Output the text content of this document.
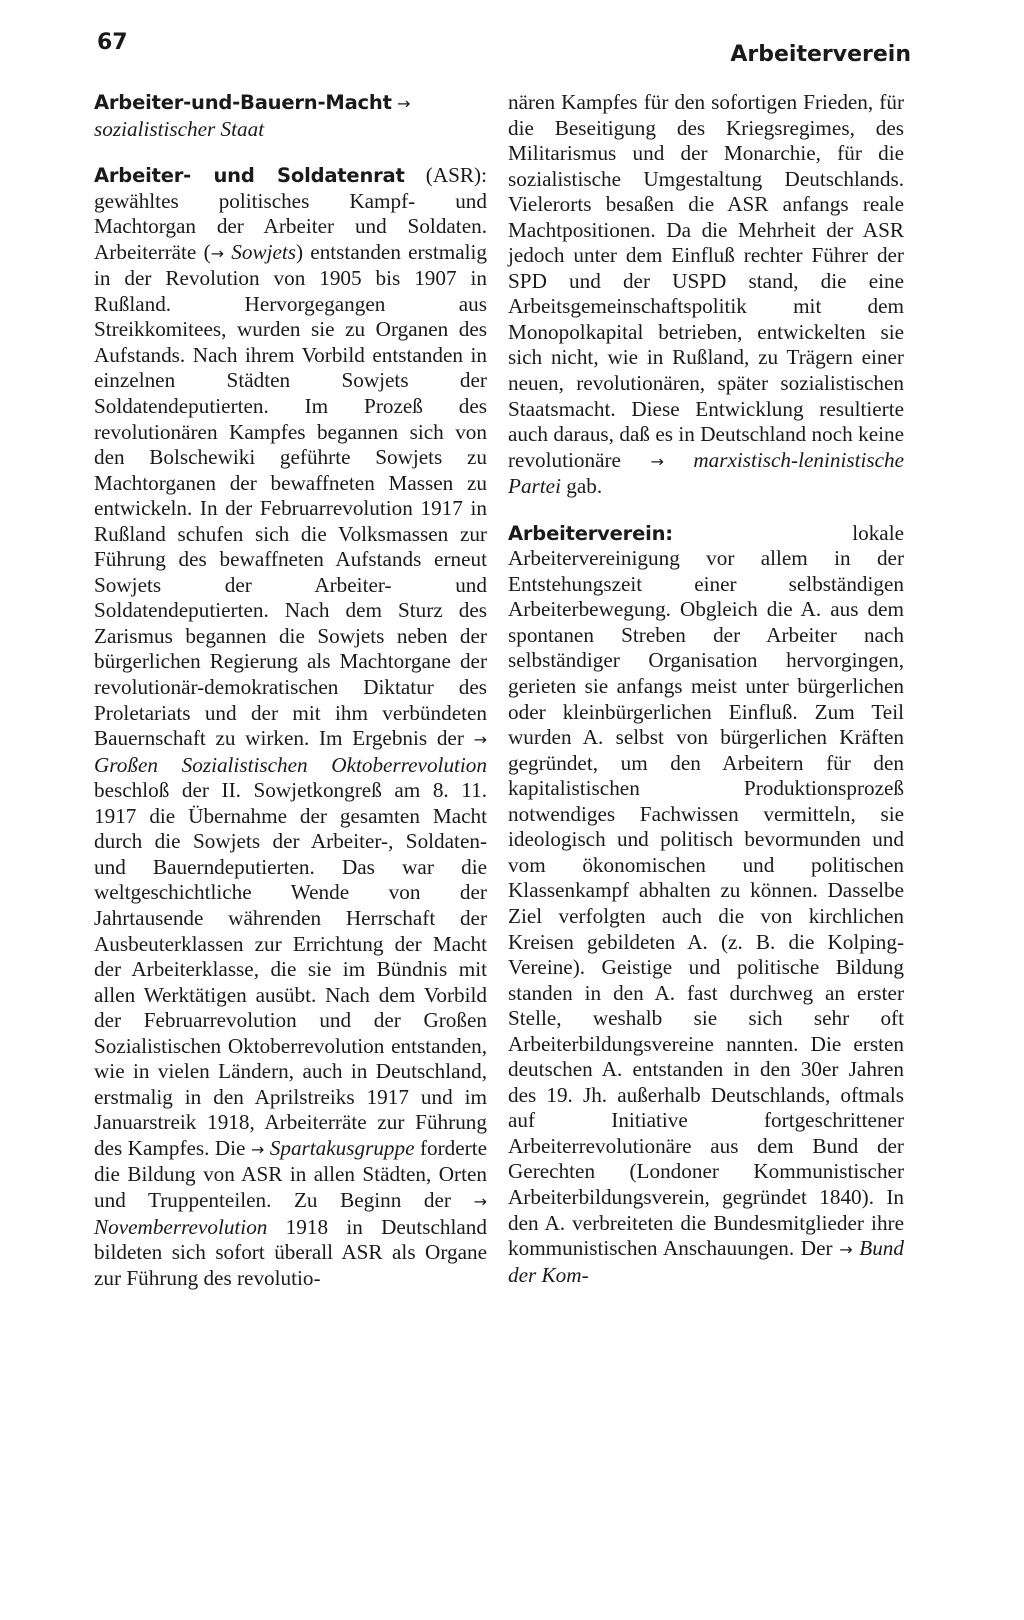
67	Arbeiterverein

Arbeiter-und-Bauern-Macht → sozialistischer Staat

Arbeiter- und Soldatenrat (ASR): gewähltes politisches Kampf- und Machtorgan der Arbeiter und Soldaten. Arbeiterräte (→ Sowjets) entstanden erstmalig in der Revolution von 1905 bis 1907 in Rußland. Hervorgegangen aus Streikkomitees, wurden sie zu Organen des Aufstands. Nach ihrem Vorbild entstanden in einzelnen Städten Sowjets der Soldatendeputierten. Im Prozeß des revolutionären Kampfes begannen sich von den Bolschewiki geführte Sowjets zu Machtorganen der bewaffneten Massen zu entwickeln. In der Februarrevolution 1917 in Rußland schufen sich die Volksmassen zur Führung des bewaffneten Aufstands erneut Sowjets der Arbeiter- und Soldatendeputierten. Nach dem Sturz des Zarismus begannen die Sowjets neben der bürgerlichen Regierung als Machtorgane der revolutionär-demokratischen Diktatur des Proletariats und der mit ihm verbündeten Bauernschaft zu wirken. Im Ergebnis der → Großen Sozialistischen Oktoberrevolution beschloß der II. Sowjetkongreß am 8. 11. 1917 die Übernahme der gesamten Macht durch die Sowjets der Arbeiter-, Soldaten- und Bauerndeputierten. Das war die weltgeschichtliche Wende von der Jahrtausende währenden Herrschaft der Ausbeuterklassen zur Errichtung der Macht der Arbeiterklasse, die sie im Bündnis mit allen Werktätigen ausübt. Nach dem Vorbild der Februarrevolution und der Großen Sozialistischen Oktoberrevolution entstanden, wie in vielen Ländern, auch in Deutschland, erstmalig in den Aprilstreiks 1917 und im Januarstreik 1918, Arbeiterräte zur Führung des Kampfes. Die → Spartakusgruppe forderte die Bildung von ASR in allen Städten, Orten und Truppenteilen. Zu Beginn der → Novemberrevolution 1918 in Deutschland bildeten sich sofort überall ASR als Organe zur Führung des revolutio-

nären Kampfes für den sofortigen Frieden, für die Beseitigung des Kriegsregimes, des Militarismus und der Monarchie, für die sozialistische Umgestaltung Deutschlands. Vielerorts besaßen die ASR anfangs reale Machtpositionen. Da die Mehrheit der ASR jedoch unter dem Einfluß rechter Führer der SPD und der USPD stand, die eine Arbeitsgemeinschaftspolitik mit dem Monopolkapital betrieben, entwickelten sie sich nicht, wie in Rußland, zu Trägern einer neuen, revolutionären, später sozialistischen Staatsmacht. Diese Entwicklung resultierte auch daraus, daß es in Deutschland noch keine revolutionäre → marxistisch-leninistische Partei gab.

Arbeiterverein: lokale Arbeitervereinigung vor allem in der Entstehungszeit einer selbständigen Arbeiterbewegung. Obgleich die A. aus dem spontanen Streben der Arbeiter nach selbständiger Organisation hervorgingen, gerieten sie anfangs meist unter bürgerlichen oder kleinbürgerlichen Einfluß. Zum Teil wurden A. selbst von bürgerlichen Kräften gegründet, um den Arbeitern für den kapitalistischen Produktionsprozeß notwendiges Fachwissen vermitteln, sie ideologisch und politisch bevormunden und vom ökonomischen und politischen Klassenkampf abhalten zu können. Dasselbe Ziel verfolgten auch die von kirchlichen Kreisen gebildeten A. (z. B. die Kolping-Vereine). Geistige und politische Bildung standen in den A. fast durchweg an erster Stelle, weshalb sie sich sehr oft Arbeiterbildungsvereine nannten. Die ersten deutschen A. entstanden in den 30er Jahren des 19. Jh. außerhalb Deutschlands, oftmals auf Initiative fortgeschrittener Arbeiterrevolutionäre aus dem Bund der Gerechten (Londoner Kommunistischer Arbeiterbildungsverein, gegründet 1840). In den A. verbreiteten die Bundesmitglieder ihre kommunistischen Anschauungen. Der → Bund der Kom-
